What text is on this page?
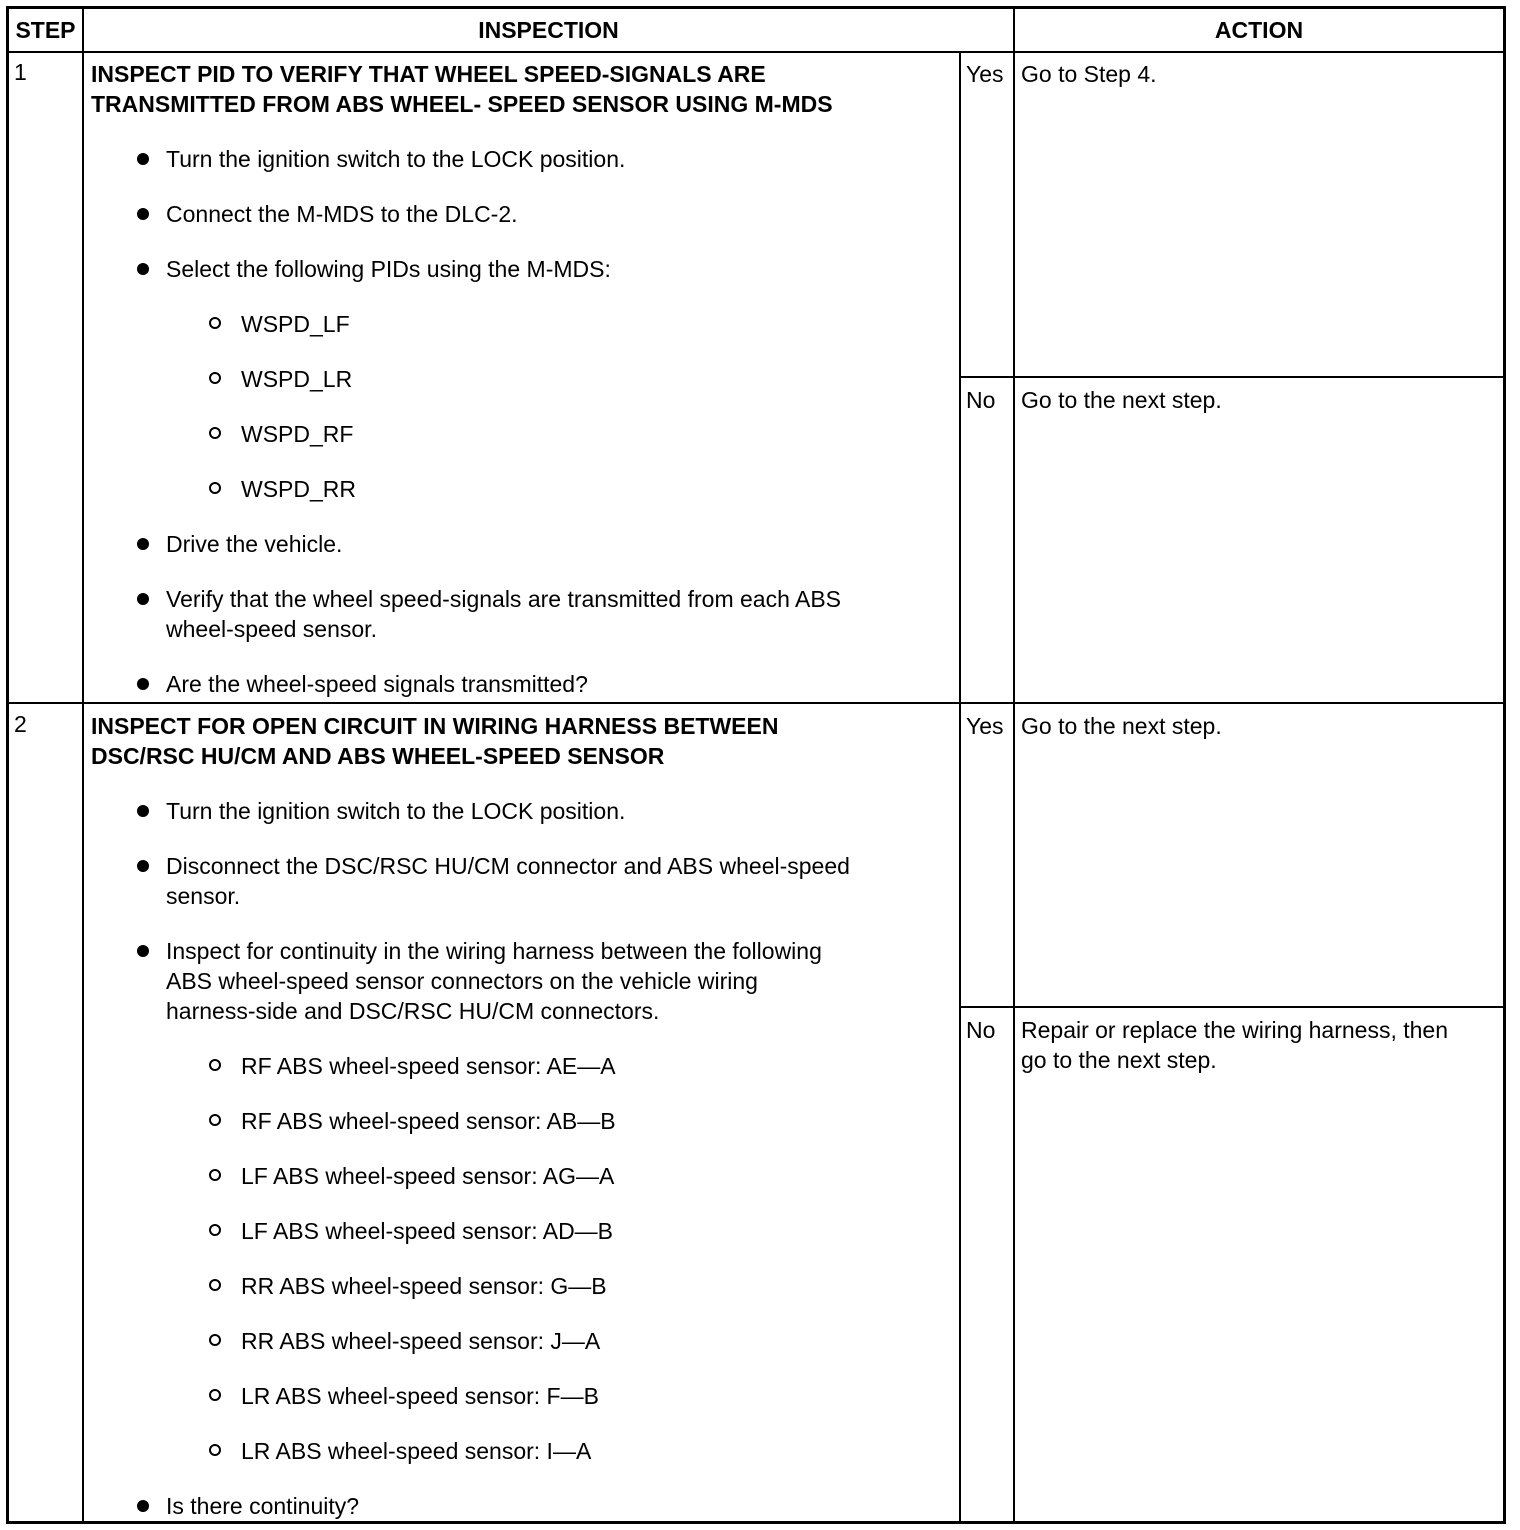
STEP	INSPECTION	ACTION
1	INSPECT PID TO VERIFY THAT WHEEL SPEED-SIGNALS ARE
TRANSMITTED FROM ABS WHEEL- SPEED SENSOR USING M-MDS
Turn the ignition switch to the LOCK position.
Connect the M-MDS to the DLC-2.
Select the following PIDs using the M-MDS:
WSPD_LF
WSPD_LR
WSPD_RF
WSPD_RR
Drive the vehicle.
Verify that the wheel speed-signals are transmitted from each ABS
wheel-speed sensor.
Are the wheel-speed signals transmitted?
Yes Go to Step 4.
No Go to the next step.
2	INSPECT FOR OPEN CIRCUIT IN WIRING HARNESS BETWEEN
DSC/RSC HU/CM AND ABS WHEEL-SPEED SENSOR
Turn the ignition switch to the LOCK position.
Disconnect the DSC/RSC HU/CM connector and ABS wheel-speed
sensor.
Inspect for continuity in the wiring harness between the following
ABS wheel-speed sensor connectors on the vehicle wiring
harness-side and DSC/RSC HU/CM connectors.
RF ABS wheel-speed sensor: AE—A
RF ABS wheel-speed sensor: AB—B
LF ABS wheel-speed sensor: AG—A
LF ABS wheel-speed sensor: AD—B
RR ABS wheel-speed sensor: G—B
RR ABS wheel-speed sensor: J—A
LR ABS wheel-speed sensor: F—B
LR ABS wheel-speed sensor: I—A
Is there continuity?
Yes Go to the next step.
No Repair or replace the wiring harness, then
go to the next step.
